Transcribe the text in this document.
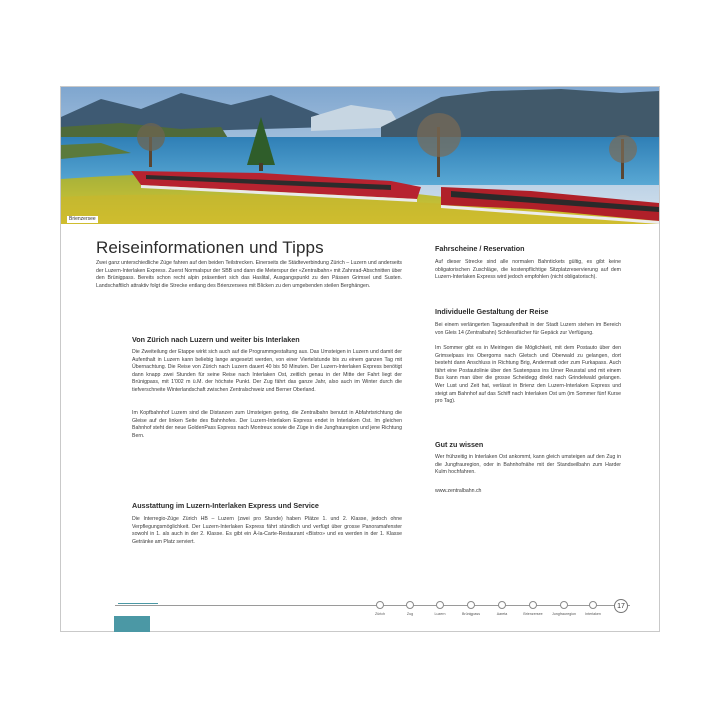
Brienzersee
Reiseinformationen und Tipps

Zwei ganz unterschiedliche Züge fahren auf den beiden Teilstrecken. Einerseits die Städteverbindung Zürich – Luzern und anderseits der Luzern-Interlaken Express. Zuerst Normalspur der SBB und dann die Meterspur der «Zentralbahn» mit Zahnrad-Abschnitten über den Brünigpass. Bereits schon recht alpin präsentiert sich das Haslital, Ausgangspunkt zu den Pässen Grimsel und Susten. Landschaftlich attraktiv folgt die Strecke entlang des Brienzersees mit Blicken zu den umgebenden steilen Berghängen.

Von Zürich nach Luzern und weiter bis Interlaken

Die Zweiteilung der Etappe wirkt sich auch auf die Programmgestaltung aus. Das Umsteigen in Luzern und damit der Aufenthalt in Luzern kann beliebig lange angesetzt werden, von einer Viertelstunde bis zu einem ganzen Tag mit Übernachtung. Die Reise von Zürich nach Luzern dauert 40 bis 50 Minuten. Der Luzern-Interlaken Express benötigt dann knapp zwei Stunden für seine Reise nach Interlaken Ost, zeitlich genau in der Mitte der Fahrt liegt der Brünigpass, mit 1'002 m ü.M. der höchste Punkt. Der Zug fährt das ganze Jahr, also auch im Winter durch die tiefverschneite Winterlandschaft zwischen Zentralschweiz und Berner Oberland.

Im Kopfbahnhof Luzern sind die Distanzen zum Umsteigen gering, die Zentralbahn benutzt in Abfahrtsrichtung die Gleise auf der linken Seite des Bahnhofes. Der Luzern-Interlaken Express endet in Interlaken Ost. Im gleichen Bahnhof steht der neue GoldenPass Express nach Montreux sowie die Züge in die Jungfrauregion und jene Richtung Bern.

Ausstattung im Luzern-Interlaken Express und Service

Die Interregio-Züge Zürich HB – Luzern (zwei pro Stunde) haben Plätze 1. und 2. Klasse, jedoch ohne Verpflegungsmöglichkeit. Der Luzern-Interlaken Express fährt stündlich und verfügt über grosse Panoramafenster sowohl in 1. als auch in der 2. Klasse. Es gibt ein À-la-Carte-Restaurant «Bistro» und es werden in der 1. Klasse Getränke am Platz serviert.

Fahrscheine / Reservation

Auf dieser Strecke sind alle normalen Bahntickets gültig, es gibt keine obligatorischen Zuschläge, die kostenpflichtige Sitzplatzreservierung auf dem Luzern-Interlaken Express wird jedoch empfohlen (nicht obligatorisch).

Individuelle Gestaltung der Reise

Bei einem verlängerten Tagesaufenthalt in der Stadt Luzern stehen im Bereich von Gleis 14 (Zentralbahn) Schliessfächer für Gepäck zur Verfügung.

Im Sommer gibt es in Meiringen die Möglichkeit, mit dem Postauto über den Grimselpass ins Obergoms nach Gletsch und Oberwald zu gelangen, dort besteht dann Anschluss in Richtung Brig, Andermatt oder zum Furkapass. Auch fährt eine Postautolinie über den Sustenpass ins Urner Reusstal und mit einem Bus kann man über die grosse Scheidegg direkt nach Grindelwald gelangen. Wer Lust und Zeit hat, verlässt in Brienz den Luzern-Interlaken Express und steigt am Bahnhof auf das Schiff nach Interlaken Ost um (im Sommer fünf Kurse pro Tag).

Gut zu wissen

Wer frühzeitig in Interlaken Ost ankommt, kann gleich umsteigen auf den Zug in die Jungfrauregion, oder in Bahnhofnähe mit der Standseilbahn zum Harder Kulm hochfahren.

www.zentralbahn.ch

Zürich	Zug	Luzern	Brünigpass	Aareta	Brienzersee	Jungfrauregion	Interlaken
17
